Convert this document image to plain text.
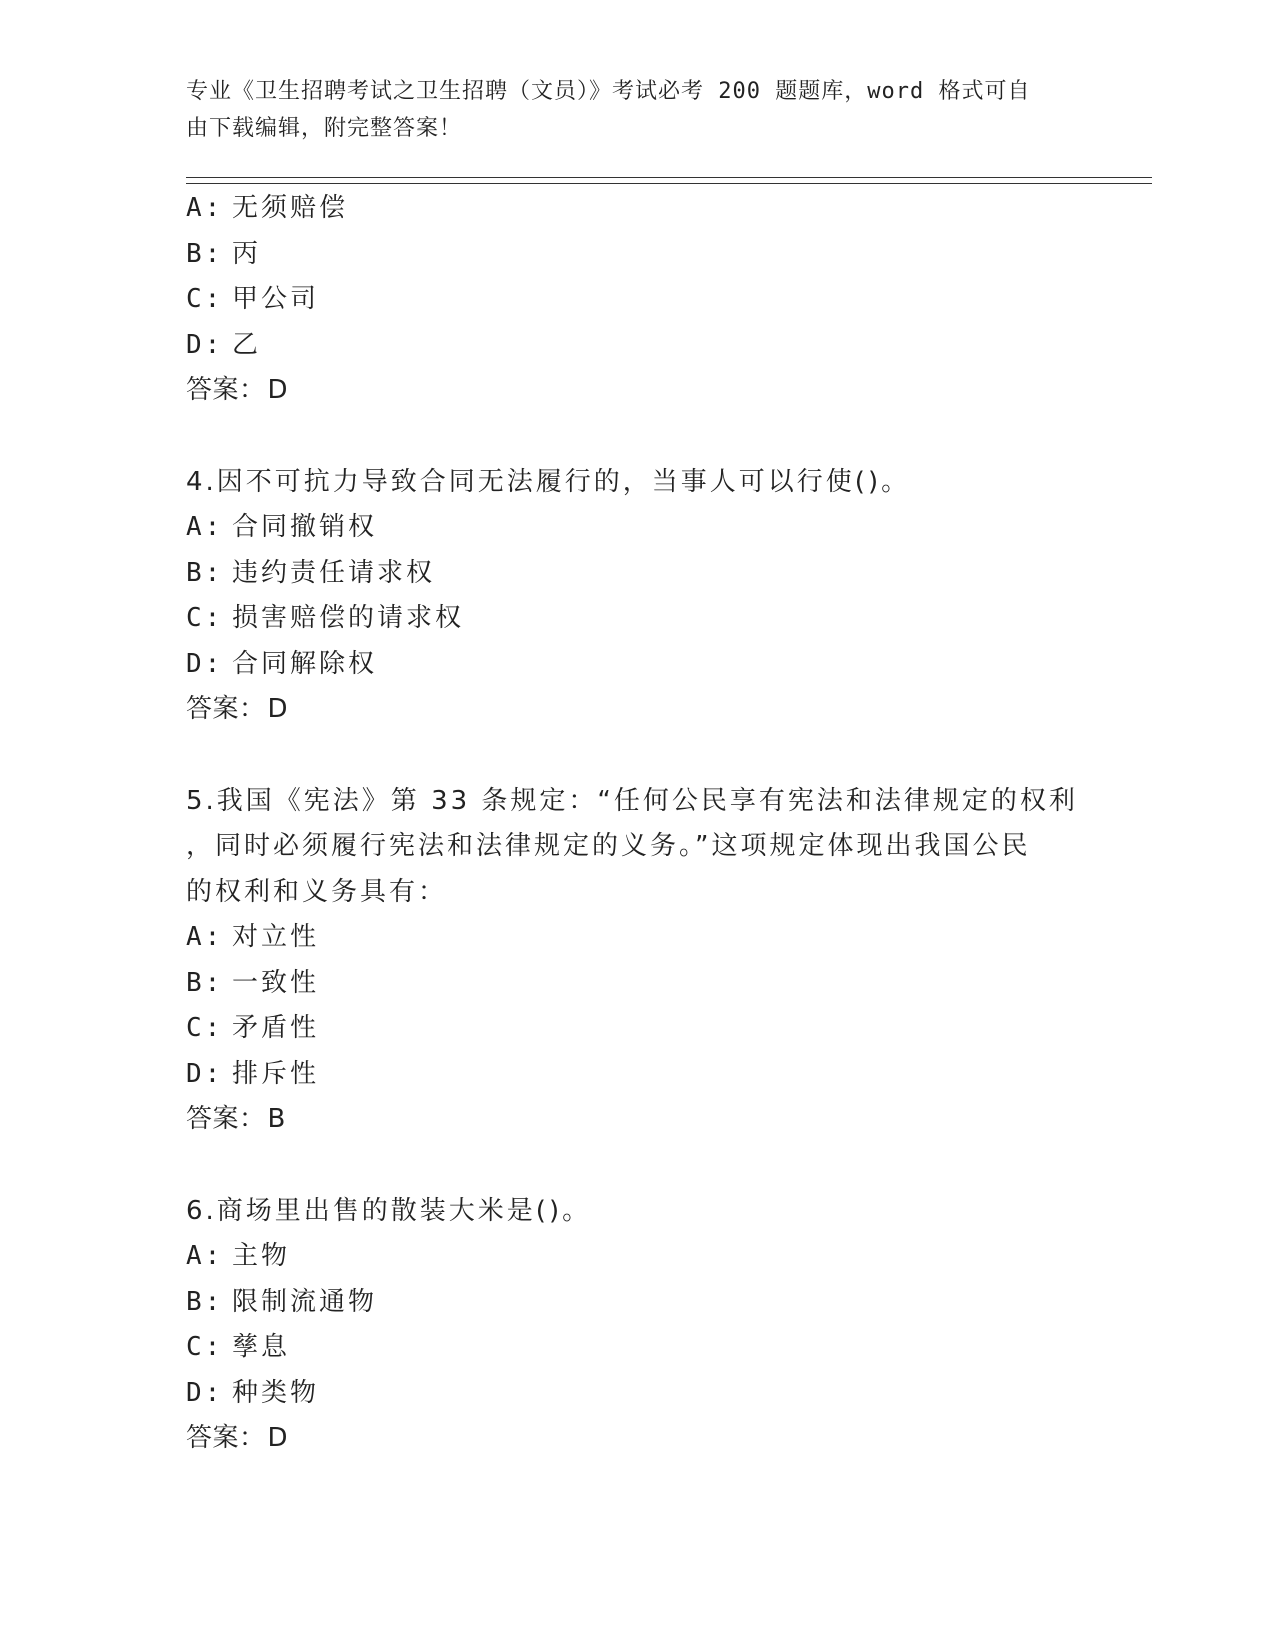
专业《卫生招聘考试之卫生招聘（文员）》考试必考 200 题题库，word 格式可自
由下载编辑，附完整答案！
A: 无须赔偿
B: 丙
C: 甲公司
D: 乙
答案：D
4.因不可抗力导致合同无法履行的，当事人可以行使()。
A: 合同撤销权
B: 违约责任请求权
C: 损害赔偿的请求权
D: 合同解除权
答案：D
5.我国《宪法》第 33 条规定：“任何公民享有宪法和法律规定的权利
，同时必须履行宪法和法律规定的义务。”这项规定体现出我国公民
的权利和义务具有：
A: 对立性
B: 一致性
C: 矛盾性
D: 排斥性
答案：B
6.商场里出售的散装大米是()。
A: 主物
B: 限制流通物
C: 孳息
D: 种类物
答案：D
